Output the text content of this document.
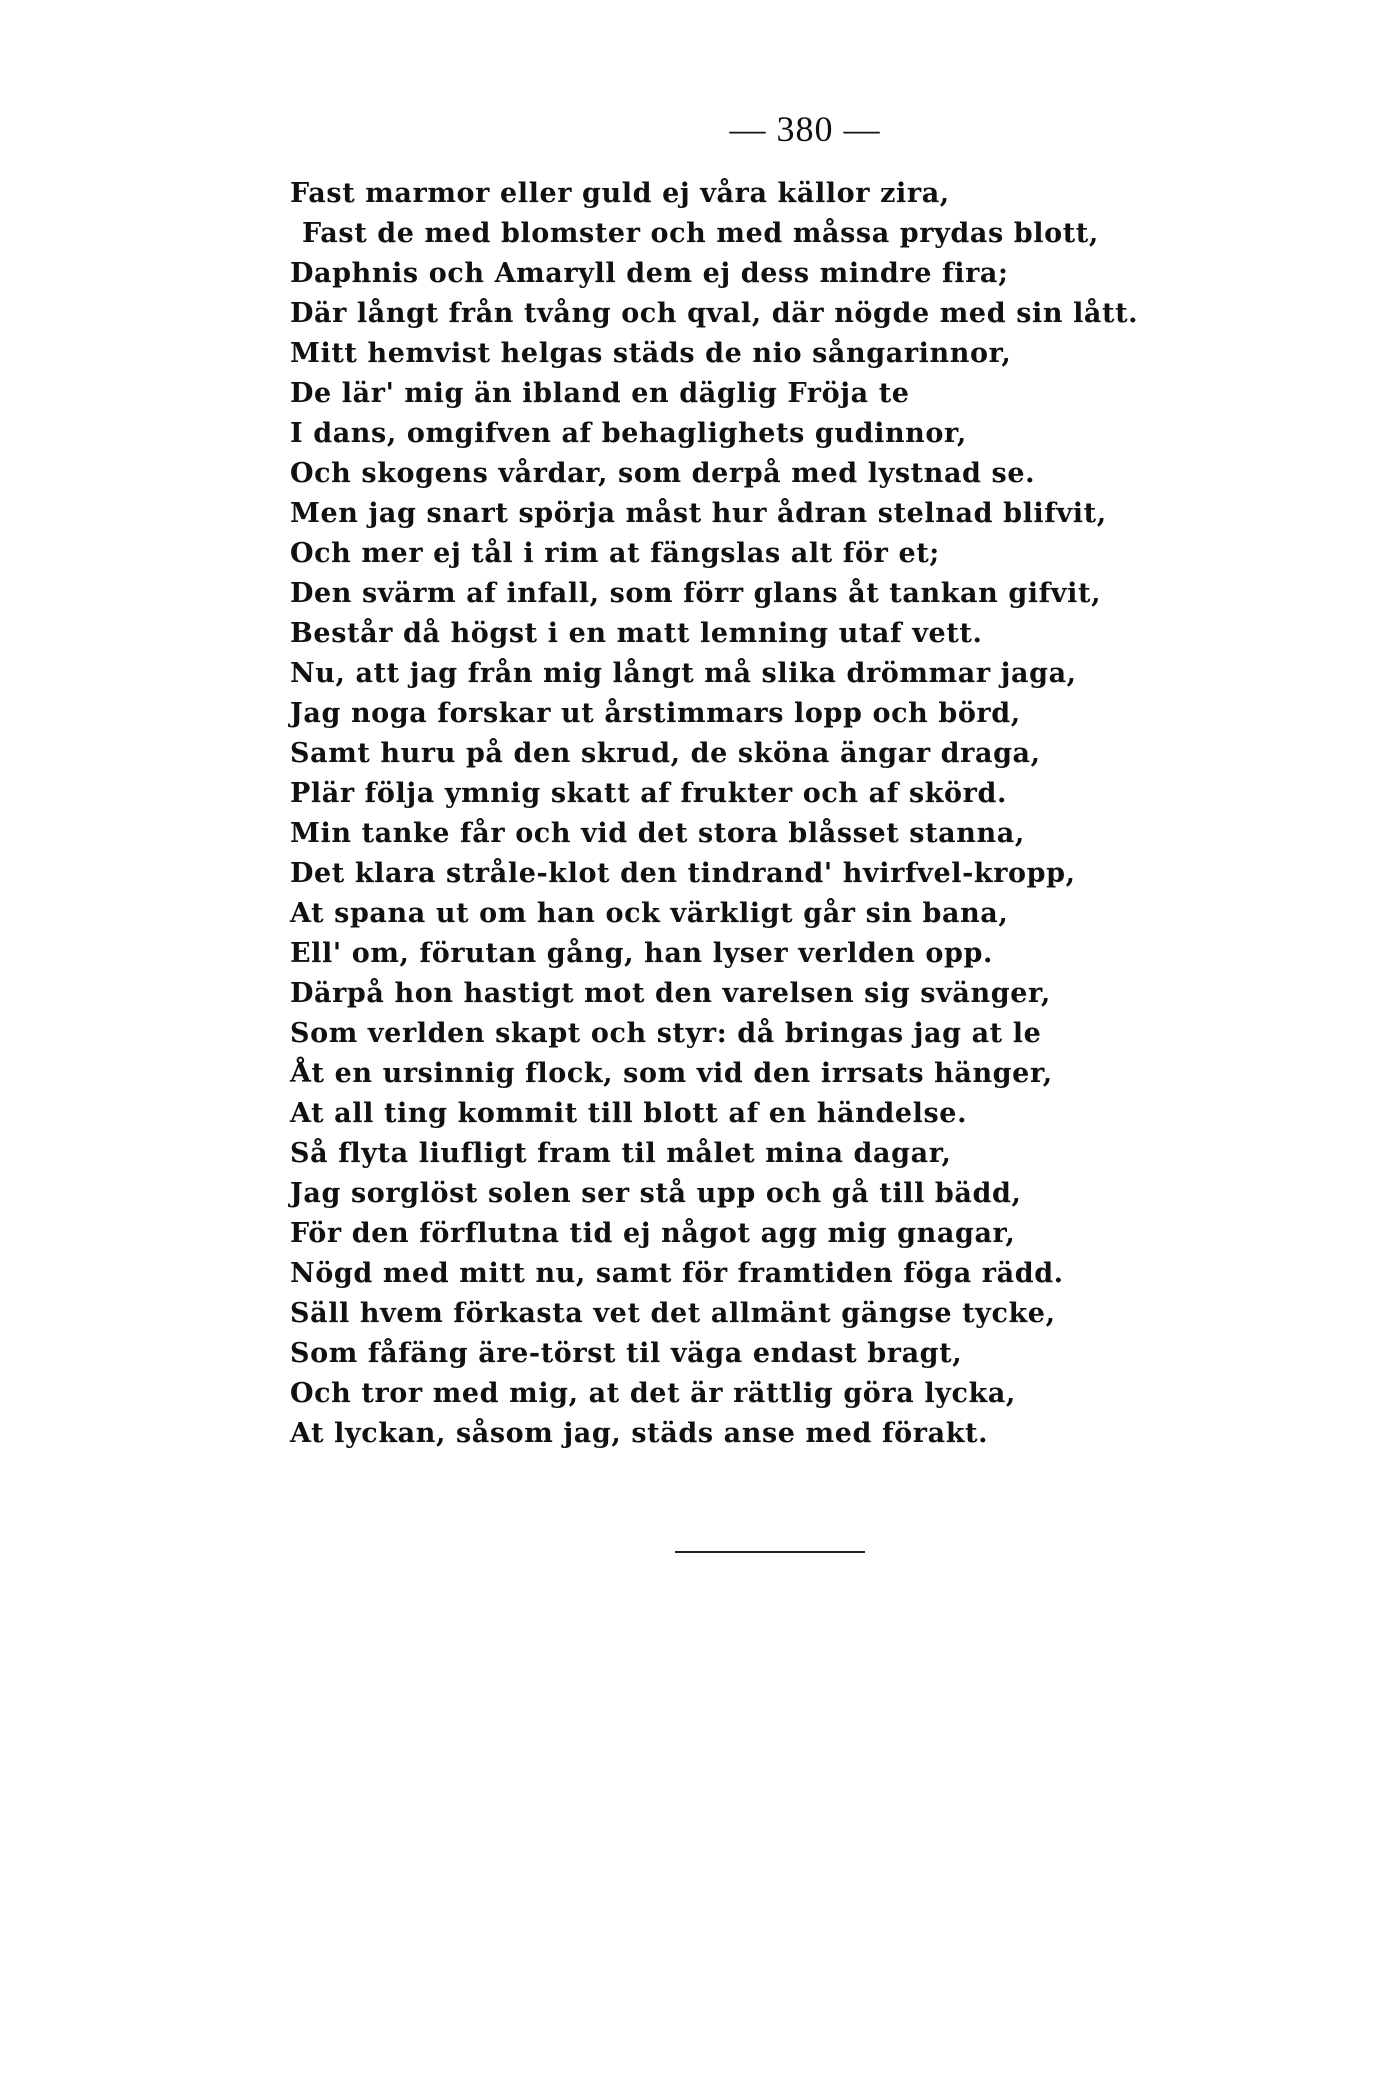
— 380 —
Fast marmor eller guld ej våra källor zira,
Fast de med blomster och med måssa prydas blott,
Daphnis och Amaryll dem ej dess mindre fira;
Där långt från tvång och qval, där nögde med sin lått.
Mitt hemvist helgas städs de nio sångarinnor,
De lär' mig än ibland en däglig Fröja te
I dans, omgifven af behaglighets gudinnor,
Och skogens vårdar, som derpå med lystnad se.
Men jag snart spörja måst hur ådran stelnad blifvit,
Och mer ej tål i rim at fängslas alt för et;
Den svärm af infall, som förr glans åt tankan gifvit,
Består då högst i en matt lemning utaf vett.
Nu, att jag från mig långt må slika drömmar jaga,
Jag noga forskar ut årstimmars lopp och börd,
Samt huru på den skrud, de sköna ängar draga,
Plär följa ymnig skatt af frukter och af skörd.
Min tanke får och vid det stora blåsset stanna,
Det klara stråle-klot den tindrand' hvirfvel-kropp,
At spana ut om han ock värkligt går sin bana,
Ell' om, förutan gång, han lyser verlden opp.
Därpå hon hastigt mot den varelsen sig svänger,
Som verlden skapt och styr: då bringas jag at le
Åt en ursinnig flock, som vid den irrsats hänger,
At all ting kommit till blott af en händelse.
Så flyta liufligt fram til målet mina dagar,
Jag sorglöst solen ser stå upp och gå till bädd,
För den förflutna tid ej något agg mig gnagar,
Nögd med mitt nu, samt för framtiden föga rädd.
Säll hvem förkasta vet det allmänt gängse tycke,
Som fåfäng äre-törst til väga endast bragt,
Och tror med mig, at det är rättlig göra lycka,
At lyckan, såsom jag, städs anse med förakt.
